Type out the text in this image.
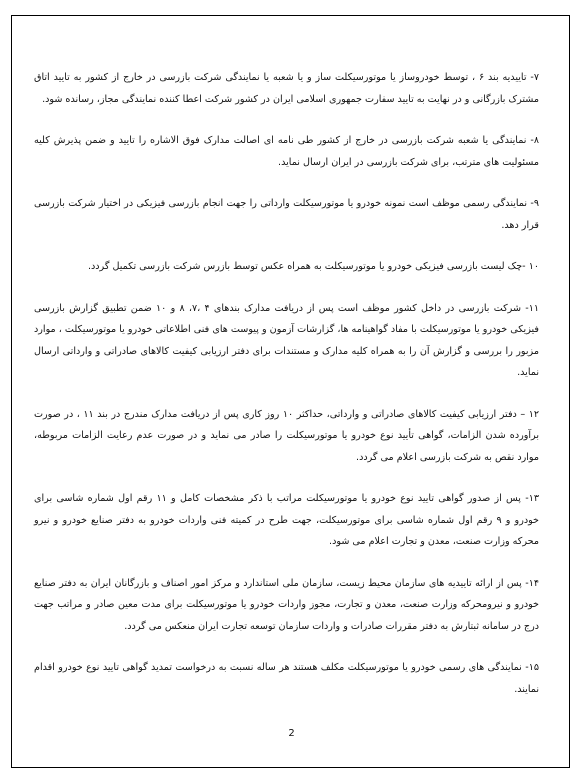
۷- تاییدیه بند ۶ ، توسط خودروساز یا موتورسیکلت ساز و یا شعبه یا نمایندگی شرکت بازرسی در خارج از کشور به تایید اتاق مشترک بازرگانی و در نهایت به تایید سفارت جمهوری اسلامی ایران در کشور شرکت اعطا کننده نمایندگی مجاز، رسانده شود.

۸- نمایندگی یا شعبه شرکت بازرسی در خارج از کشور طی نامه ای اصالت مدارک فوق الاشاره را تایید و ضمن پذیرش کلیه مسئولیت های مترتب، برای شرکت بازرسی در ایران ارسال نماید.

۹- نمایندگی رسمی موظف است نمونه خودرو یا موتورسیکلت وارداتی را جهت انجام بازرسی فیزیکی در اختیار شرکت بازرسی قرار دهد.

۱۰ -چک لیست بازرسی فیزیکی خودرو یا موتورسیکلت به همراه عکس توسط بازرس شرکت بازرسی تکمیل گردد.

۱۱- شرکت بازرسی در داخل کشور موظف است پس از دریافت مدارک بندهای ۴ ،۷، ۸ و ۱۰ ضمن تطبیق گزارش بازرسی فیزیکی خودرو یا موتورسیکلت با مفاد گواهینامه ها، گزارشات آزمون و پیوست های فنی اطلاعاتی خودرو یا موتورسیکلت ، موارد مزبور را بررسی و گزارش آن را به همراه کلیه مدارک و مستندات برای دفتر ارزیابی کیفیت کالاهای صادراتی و وارداتی ارسال نماید.

۱۲ – دفتر ارزیابی کیفیت کالاهای صادراتی و وارداتی، حداکثر ۱۰ روز کاری پس از دریافت مدارک مندرج در بند ۱۱ ، در صورت برآورده شدن الزامات، گواهی تأیید نوع خودرو یا موتورسیکلت را صادر می نماید و در صورت عدم رعایت الزامات مربوطه، موارد نقص به شرکت بازرسی اعلام می گردد.

۱۳- پس از صدور گواهی تایید نوع خودرو یا موتورسیکلت مراتب با ذکر مشخصات کامل و ۱۱ رقم اول شماره شاسی برای خودرو و ۹ رقم اول شماره شاسی برای موتورسیکلت، جهت طرح در کمیته فنی واردات خودرو به دفتر صنایع خودرو و نیرو محرکه وزارت صنعت، معدن و تجارت اعلام می شود.

۱۴- پس از ارائه تاییدیه های سازمان محیط زیست، سازمان ملی استاندارد و مرکز امور اصناف و بازرگانان ایران به دفتر صنایع خودرو و نیرومحرکه وزارت صنعت، معدن و تجارت، مجوز واردات خودرو یا موتورسیکلت برای مدت معین صادر و مراتب جهت درج در سامانه ثبتارش به دفتر مقررات صادرات و واردات سازمان توسعه تجارت ایران منعکس می گردد.

۱۵- نمایندگی های رسمی خودرو یا موتورسیکلت مکلف هستند هر ساله نسبت به درخواست تمدید گواهی تایید نوع خودرو اقدام نمایند.

2
